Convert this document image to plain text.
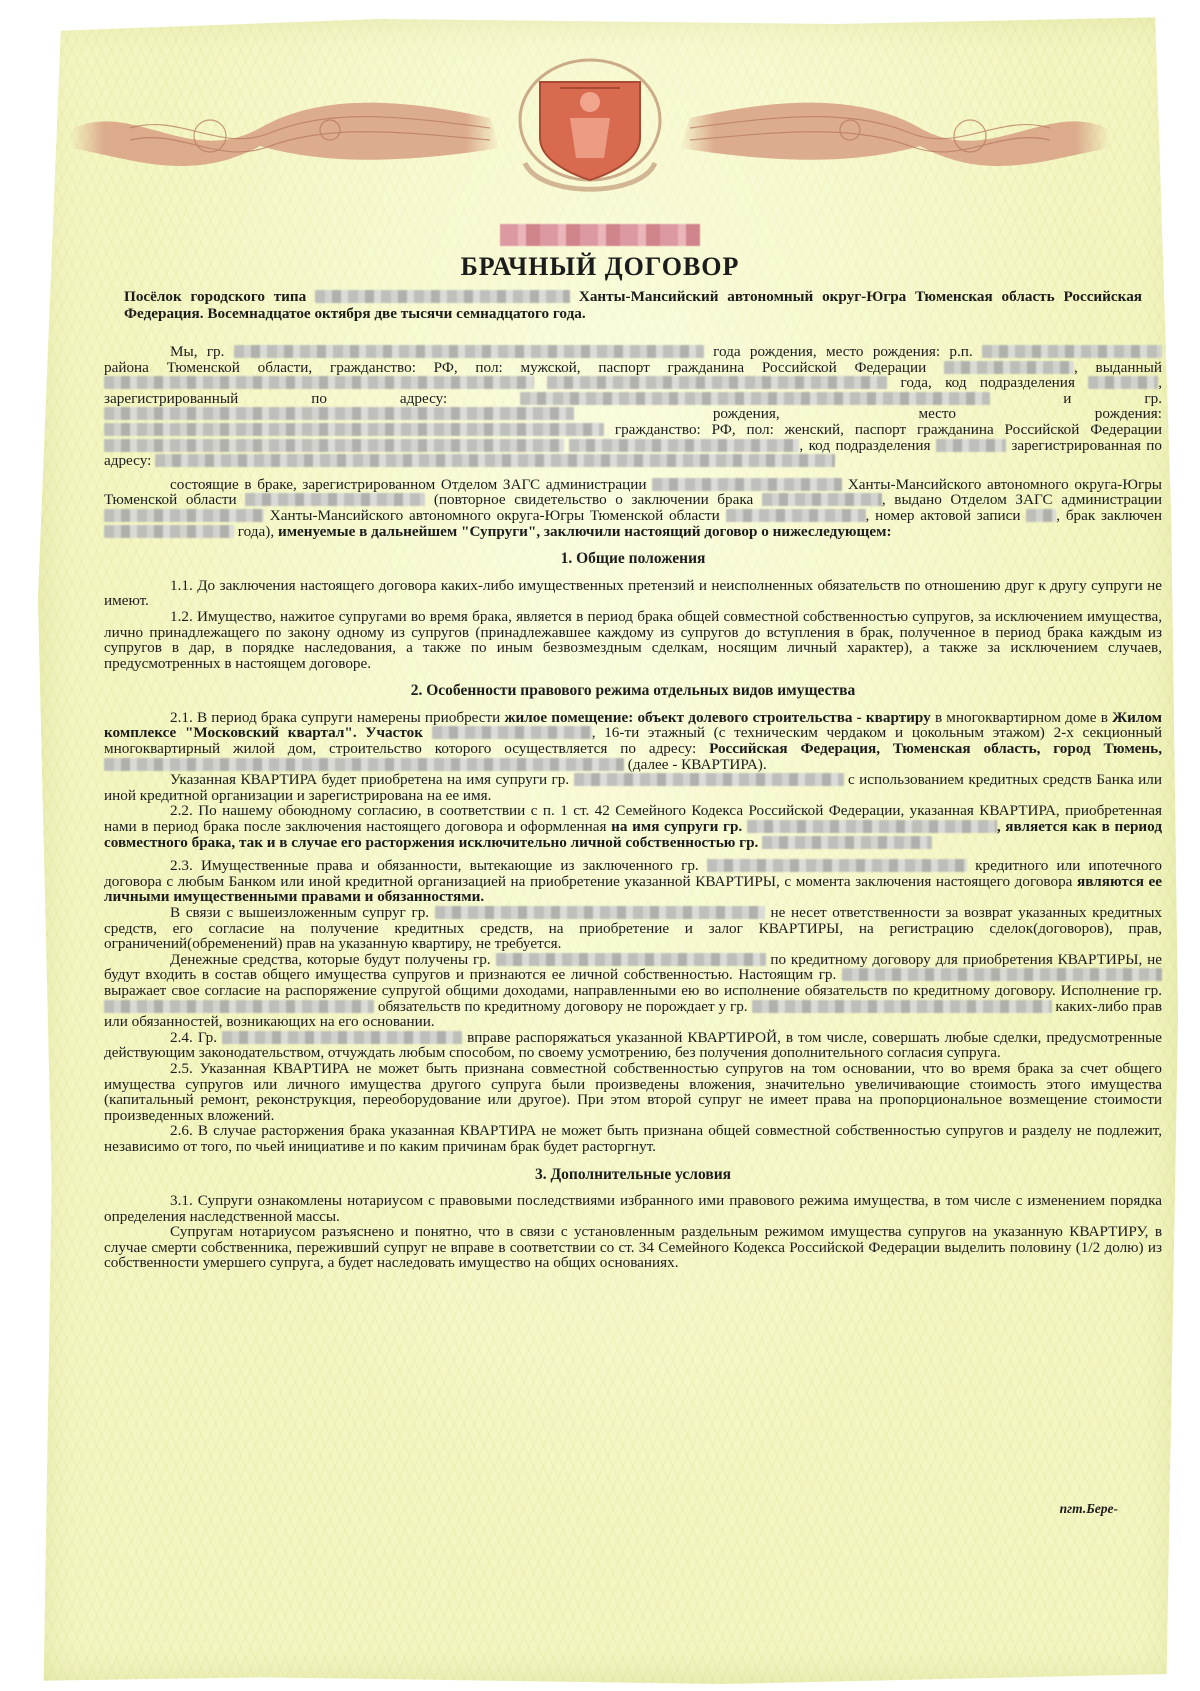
БРАЧНЫЙ ДОГОВОР

Посёлок городского типа	Ханты-Мансийский автономный округ-Югра Тюменская область Российская Федерация. Восемнадцатое октября две тысячи семнадцатого года.

Мы, гр.	года рождения, место рождения: р.п.  района Тюменской области, гражданство: РФ, пол: мужской, паспорт гражданина Российской Федерации	, выданный   года, код подразделения	, зарегистрированный по адресу:	и гр.  рождения, место рождения:  гражданство: РФ, пол: женский, паспорт гражданина Российской Федерации  , код подразделения	зарегистрированная по адресу:

состоящие в браке, зарегистрированном Отделом ЗАГС администрации	Ханты-Мансийского автономного округа-Югры Тюменской области	(повторное свидетельство о заключении брака	, выдано Отделом ЗАГС администрации  Ханты-Мансийского автономного округа-Югры Тюменской области	, номер актовой записи , брак заключен  года), именуемые в дальнейшем "Супруги", заключили настоящий договор о нижеследующем:

1. Общие положения

1.1. До заключения настоящего договора каких-либо имущественных претензий и неисполненных обязательств по отношению друг к другу супруги не имеют.

1.2. Имущество, нажитое супругами во время брака, является в период брака общей совместной собственностью супругов, за исключением имущества, лично принадлежащего по закону одному из супругов (принадлежавшее каждому из супругов до вступления в брак, полученное в период брака каждым из супругов в дар, в порядке наследования, а также по иным безвозмездным сделкам, носящим личный характер), а также за исключением случаев, предусмотренных в настоящем договоре.

2. Особенности правового режима отдельных видов имущества

2.1. В период брака супруги намерены приобрести жилое помещение: объект долевого строительства - квартиру в многоквартирном доме в Жилом комплексе "Московский квартал". Участок	, 16-ти этажный (с техническим чердаком и цокольным этажом) 2-х секционный многоквартирный жилой дом, строительство которого осуществляется по адресу: Российская Федерация, Тюменская область, город Тюмень,  (далее - КВАРТИРА).

Указанная КВАРТИРА будет приобретена на имя супруги гр.	с использованием кредитных средств Банка или иной кредитной организации и зарегистрирована на ее имя.

2.2. По нашему обоюдному согласию, в соответствии с п. 1 ст. 42 Семейного Кодекса Российской Федерации, указанная КВАРТИРА, приобретенная нами в период брака после заключения настоящего договора и оформленная на имя супруги гр.	, является как в период совместного брака, так и в случае его расторжения исключительно личной собственностью гр.

2.3. Имущественные права и обязанности, вытекающие из заключенного гр.	кредитного или ипотечного договора с любым Банком или иной кредитной организацией на приобретение указанной КВАРТИРЫ, с момента заключения настоящего договора являются ее личными имущественными правами и обязанностями.

В связи с вышеизложенным супруг гр.	не несет ответственности за возврат указанных кредитных средств, его согласие на получение кредитных средств, на приобретение и залог КВАРТИРЫ, на регистрацию сделок(договоров), прав, ограничений(обременений) прав на указанную квартиру, не требуется.

Денежные средства, которые будут получены гр.	по кредитному договору для приобретения КВАРТИРЫ, не будут входить в состав общего имущества супругов и признаются ее личной собственностью. Настоящим гр.  выражает свое согласие на распоряжение супругой общими доходами, направленными ею во исполнение обязательств по кредитному договору. Исполнение гр.  обязательств по кредитному договору не порождает у гр.	каких-либо прав или обязанностей, возникающих на его основании.

2.4. Гр.	вправе распоряжаться указанной КВАРТИРОЙ, в том числе, совершать любые сделки, предусмотренные действующим законодательством, отчуждать любым способом, по своему усмотрению, без получения дополнительного согласия супруга.

2.5. Указанная КВАРТИРА не может быть признана совместной собственностью супругов на том основании, что во время брака за счет общего имущества супругов или личного имущества другого супруга были произведены вложения, значительно увеличивающие стоимость этого имущества (капитальный ремонт, реконструкция, переоборудование или другое). При этом второй супруг не имеет права на пропорциональное возмещение стоимости произведенных вложений.

2.6. В случае расторжения брака указанная КВАРТИРА не может быть признана общей совместной собственностью супругов и разделу не подлежит, независимо от того, по чьей инициативе и по каким причинам брак будет расторгнут.

3. Дополнительные условия

3.1. Супруги ознакомлены нотариусом с правовыми последствиями избранного ими правового режима имущества, в том числе с изменением порядка определения наследственной массы.

Супругам нотариусом разъяснено и понятно, что в связи с установленным раздельным режимом имущества супругов на указанную КВАРТИРУ, в случае смерти собственника, переживший супруг не вправе в соответствии со ст. 34 Семейного Кодекса Российской Федерации выделить половину (1/2 долю) из собственности умершего супруга, а будет наследовать имущество на общих основаниях.

пгт.Бере-
